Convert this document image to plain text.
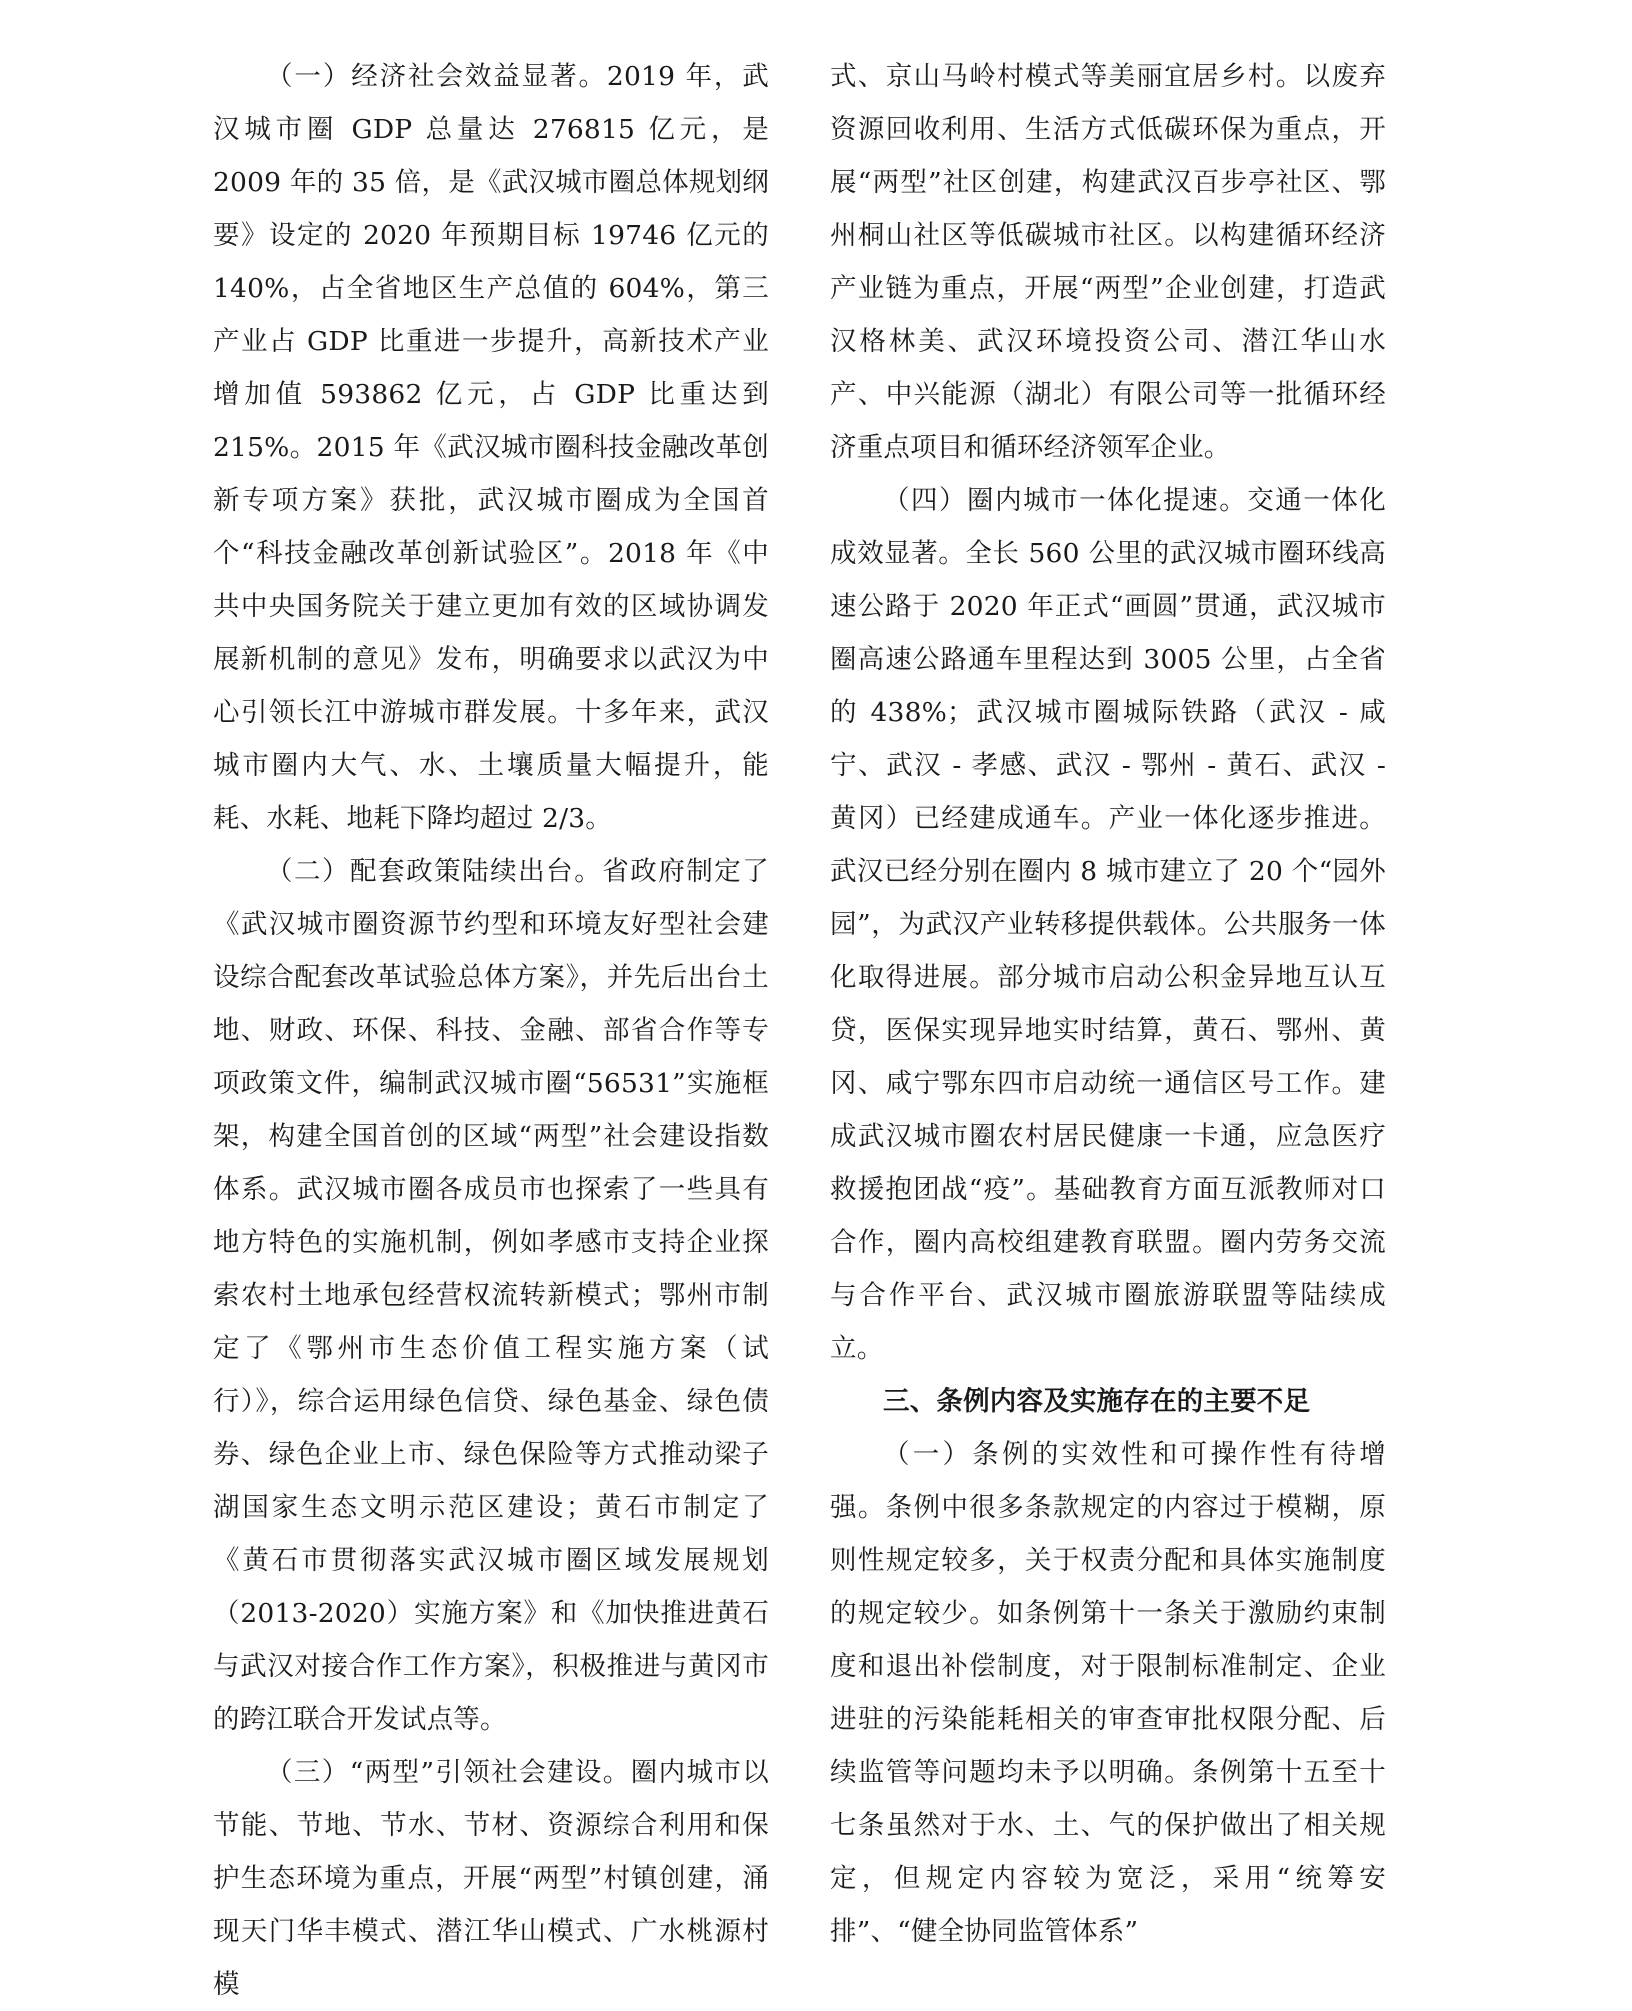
（一）经济社会效益显著。2019 年，武汉城市圈 GDP 总量达 276815 亿元，是 2009 年的 35 倍，是《武汉城市圈总体规划纲要》设定的 2020 年预期目标 19746 亿元的 140%，占全省地区生产总值的 604%，第三产业占 GDP 比重进一步提升，高新技术产业增加值 593862 亿元，占 GDP 比重达到 215%。2015 年《武汉城市圈科技金融改革创新专项方案》获批，武汉城市圈成为全国首个“科技金融改革创新试验区”。2018 年《中共中央国务院关于建立更加有效的区域协调发展新机制的意见》发布，明确要求以武汉为中心引领长江中游城市群发展。十多年来，武汉城市圈内大气、水、土壤质量大幅提升，能耗、水耗、地耗下降均超过 2/3。

（二）配套政策陆续出台。省政府制定了《武汉城市圈资源节约型和环境友好型社会建设综合配套改革试验总体方案》，并先后出台土地、财政、环保、科技、金融、部省合作等专项政策文件，编制武汉城市圈“56531”实施框架，构建全国首创的区域“两型”社会建设指数体系。武汉城市圈各成员市也探索了一些具有地方特色的实施机制，例如孝感市支持企业探索农村土地承包经营权流转新模式；鄂州市制定了《鄂州市生态价值工程实施方案（试行）》，综合运用绿色信贷、绿色基金、绿色债券、绿色企业上市、绿色保险等方式推动梁子湖国家生态文明示范区建设；黄石市制定了《黄石市贯彻落实武汉城市圈区域发展规划（2013-2020）实施方案》和《加快推进黄石与武汉对接合作工作方案》，积极推进与黄冈市的跨江联合开发试点等。

（三）“两型”引领社会建设。圈内城市以节能、节地、节水、节材、资源综合利用和保护生态环境为重点，开展“两型”村镇创建，涌现天门华丰模式、潜江华山模式、广水桃源村模

式、京山马岭村模式等美丽宜居乡村。以废弃资源回收利用、生活方式低碳环保为重点，开展“两型”社区创建，构建武汉百步亭社区、鄂州桐山社区等低碳城市社区。以构建循环经济产业链为重点，开展“两型”企业创建，打造武汉格林美、武汉环境投资公司、潜江华山水产、中兴能源（湖北）有限公司等一批循环经济重点项目和循环经济领军企业。

（四）圈内城市一体化提速。交通一体化成效显著。全长 560 公里的武汉城市圈环线高速公路于 2020 年正式“画圆”贯通，武汉城市圈高速公路通车里程达到 3005 公里，占全省的 438%；武汉城市圈城际铁路（武汉 - 咸宁、武汉 - 孝感、武汉 - 鄂州 - 黄石、武汉 - 黄冈）已经建成通车。产业一体化逐步推进。武汉已经分别在圈内 8 城市建立了 20 个“园外园”，为武汉产业转移提供载体。公共服务一体化取得进展。部分城市启动公积金异地互认互贷，医保实现异地实时结算，黄石、鄂州、黄冈、咸宁鄂东四市启动统一通信区号工作。建成武汉城市圈农村居民健康一卡通，应急医疗救援抱团战“疫”。基础教育方面互派教师对口合作，圈内高校组建教育联盟。圈内劳务交流与合作平台、武汉城市圈旅游联盟等陆续成立。

三、条例内容及实施存在的主要不足

（一）条例的实效性和可操作性有待增强。条例中很多条款规定的内容过于模糊，原则性规定较多，关于权责分配和具体实施制度的规定较少。如条例第十一条关于激励约束制度和退出补偿制度，对于限制标准制定、企业进驻的污染能耗相关的审查审批权限分配、后续监管等问题均未予以明确。条例第十五至十七条虽然对于水、土、气的保护做出了相关规定，但规定内容较为宽泛，采用“统筹安排”、“健全协同监管体系”
